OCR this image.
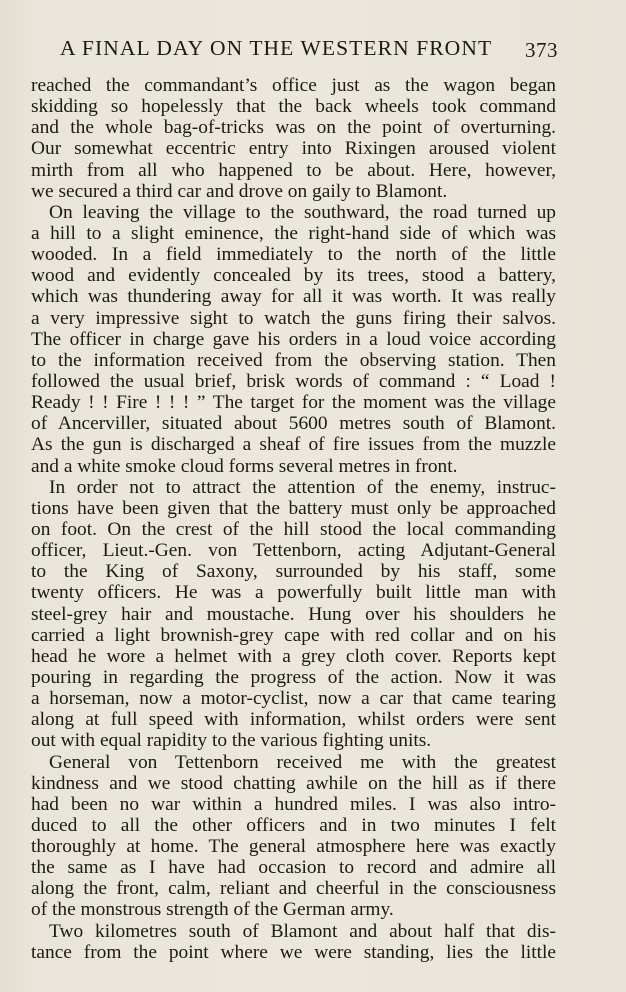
A FINAL DAY ON THE WESTERN FRONT 373
reached the commandant’s office just as the wagon began
skidding so hopelessly that the back wheels took command
and the whole bag-of-tricks was on the point of overturning.
Our somewhat eccentric entry into Rixingen aroused violent
mirth from all who happened to be about. Here, however,
we secured a third car and drove on gaily to Blamont.
On leaving the village to the southward, the road turned up
a hill to a slight eminence, the right-hand side of which was
wooded. In a field immediately to the north of the little
wood and evidently concealed by its trees, stood a battery,
which was thundering away for all it was worth. It was really
a very impressive sight to watch the guns firing their salvos.
The officer in charge gave his orders in a loud voice according
to the information received from the observing station. Then
followed the usual brief, brisk words of command : “ Load !
Ready ! ! Fire ! ! ! ” The target for the moment was the village
of Ancerviller, situated about 5600 metres south of Blamont.
As the gun is discharged a sheaf of fire issues from the muzzle
and a white smoke cloud forms several metres in front.
In order not to attract the attention of the enemy, instruc-
tions have been given that the battery must only be approached
on foot. On the crest of the hill stood the local commanding
officer, Lieut.-Gen. von Tettenborn, acting Adjutant-General
to the King of Saxony, surrounded by his staff, some
twenty officers. He was a powerfully built little man with
steel-grey hair and moustache. Hung over his shoulders he
carried a light brownish-grey cape with red collar and on his
head he wore a helmet with a grey cloth cover. Reports kept
pouring in regarding the progress of the action. Now it was
a horseman, now a motor-cyclist, now a car that came tearing
along at full speed with information, whilst orders were sent
out with equal rapidity to the various fighting units.
General von Tettenborn received me with the greatest
kindness and we stood chatting awhile on the hill as if there
had been no war within a hundred miles. I was also intro-
duced to all the other officers and in two minutes I felt
thoroughly at home. The general atmosphere here was exactly
the same as I have had occasion to record and admire all
along the front, calm, reliant and cheerful in the consciousness
of the monstrous strength of the German army.
Two kilometres south of Blamont and about half that dis-
tance from the point where we were standing, lies the little
